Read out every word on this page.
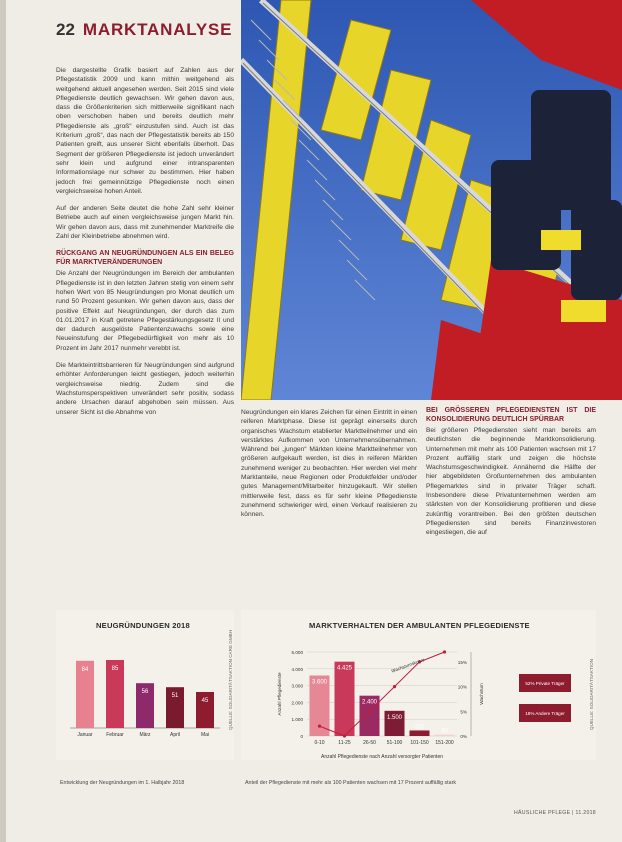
22 MARKTANALYSE

Die dargestellte Grafik basiert auf Zahlen aus der Pflegestatistik 2009 und kann mithin weitgehend als weitgehend aktuell angesehen werden. Seit 2015 sind viele Pflegedienste deutlich gewachsen. Wir gehen davon aus, dass die Größenkriterien sich mittlerweile signifikant nach oben verschoben haben und bereits deutlich mehr Pflegedienste als „groß“ einzustufen sind. Auch ist das Kriterium „groß“, das nach der Pflegestatistik bereits ab 150 Patienten greift, aus unserer Sicht ebenfalls überholt. Das Segment der größeren Pflegedienste ist jedoch unverändert sehr klein und aufgrund einer intransparenten Informationslage nur schwer zu bestimmen. Hier haben jedoch frei gemeinnützige Pflegedienste noch einen vergleichsweise hohen Anteil.

Auf der anderen Seite deutet die hohe Zahl sehr kleiner Betriebe auch auf einen vergleichsweise jungen Markt hin. Wir gehen davon aus, dass mit zunehmender Marktreife die Zahl der Kleinbetriebe abnehmen wird.

RÜCKGANG AN NEUGRÜNDUNGEN ALS EIN BELEG FÜR MARKTVERÄNDERUNGEN

Die Anzahl der Neugründungen im Bereich der ambulanten Pflegedienste ist in den letzten Jahren stetig von einem sehr hohen Wert von 85 Neugründungen pro Monat deutlich um rund 50 Prozent gesunken. Wir gehen davon aus, dass der positive Effekt auf Neugründungen, der durch das zum 01.01.2017 in Kraft getretene Pflegestärkungsgesetz II und der dadurch ausgelöste Patientenzuwachs sowie eine Neueinstufung der Pflegebedürftigkeit von mehr als 10 Prozent im Jahr 2017 nunmehr verebbt ist.

Die Markteintrittsbarrieren für Neugründungen sind aufgrund erhöhter Anforderungen leicht gestiegen, jedoch weiterhin vergleichsweise niedrig. Zudem sind die Wachstumsperspektiven unverändert sehr positiv, sodass andere Ursachen darauf abgehoben sein müssen. Aus unserer Sicht ist die Abnahme von	Neugründungen ein klares Zeichen für einen Eintritt in einen reiferen Marktphase. Diese ist geprägt einerseits durch organisches Wachstum etablierter Marktteilnehmer und ein verstärktes Aufkommen von Unternehmensübernahmen. Während bei „jungen“ Märkten kleine Marktteilnehmer von größeren aufgekauft werden, ist dies in reiferen Märkten zunehmend weniger zu beobachten. Hier werden viel mehr Marktanteile, neue Regionen oder Produktfelder und/oder gutes Management/Mitarbeiter hinzugekauft. Wir stellen mittlerweile fest, dass es für sehr kleine Pflegedienste zunehmend schwieriger wird, einen Verkauf realisieren zu können.

BEI GRÖSSEREN PFLEGEDIENSTEN IST DIE KONSOLIDIERUNG DEUTLICH SPÜRBAR

Bei größeren Pflegediensten sieht man bereits am deutlichsten die beginnende Marktkonsolidierung. Unternehmen mit mehr als 100 Patienten wachsen mit 17 Prozent auffällig stark und zeigen die höchste Wachstumsgeschwindigkeit. Annähernd die Hälfte der hier abgebildeten Großunternehmen des ambulanten Pflegemarktes sind in privater Träger schaft. Insbesondere diese Privatunternehmen werden am stärksten von der Konsolidierung profitieren und diese zukünftig vorantreiben. Bei den größten deutschen Pflegediensten sind bereits Finanzinvestoren eingestiegen, die auf

NEUGRÜNDUNGEN 2018
84
Januar
85
Februar
56
März
51
April
45
Mai
QUELLE: SOLIDARITÄTSAKTION CARE GMBH
Entwicklung der Neugründungen im 1. Halbjahr 2018
MARKTVERHALTEN DER AMBULANTEN PFLEGEDIENSTE
0
1.000
2.000
3.000
4.000
5.000
Anzahl Pflegedienste	3.600
0-10
4.425
11-25
2.400
26-50
1.500
51-100
330
101-150
80
151-200
Wachstumskurve
0%
5%
10%
15%
Wachstum
Anzahl Pflegedienste nach Anzahl versorgter Patienten
52% Private Träger
18% Andere Träger	QUELLE: SOLIDARITÄTSAKTION
Anteil der Pflegedienste mit mehr als 100 Patienten wachsen mit 17 Prozent auffällig stark
HÄUSLICHE PFLEGE | 11.2018
